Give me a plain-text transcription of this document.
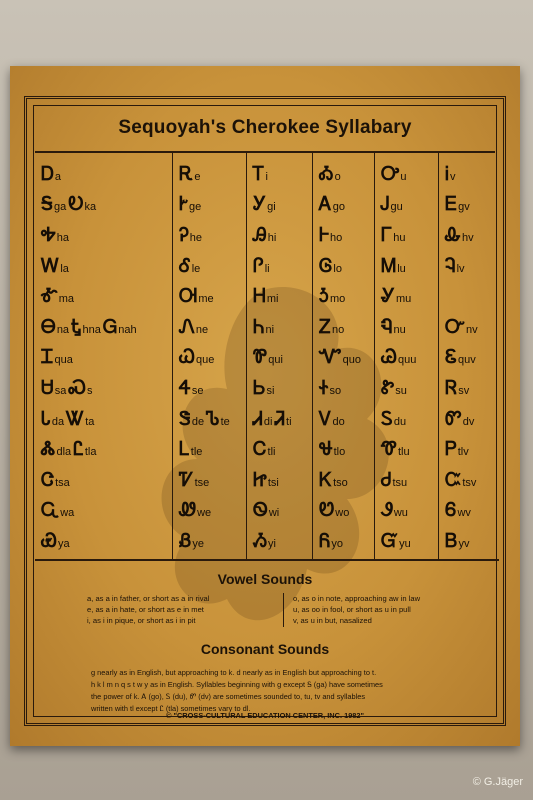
Sequoyah's Cherokee Syllabary
Ꭰ a
Ꭶ ga Ꭷ ka
Ꭽ ha
Ꮃ la
Ꮉ ma
Ꮎ na Ꮏ hna Ꮐ nah
Ꮖ qua
Ꮜ sa Ꮝ s
Ꮣ da Ꮤ ta
Ꮬ dla Ꮭ tla
Ꮳ tsa
Ꮹ wa
Ꮿ ya
Ꭱ e
Ꭸ ge
Ꭾ he
Ꮄ le
Ꮊ me
Ꮑ ne
Ꮗ que
Ꮞ se
Ꮥ de Ꮦ te
Ꮮ tle
Ꮴ tse
Ꮺ we
Ᏸ ye
Ꭲ i
Ꭹ gi
Ꭿ hi
Ꮅ li
Ꮋ mi
Ꮒ ni
Ꮘ qui
Ꮟ si
Ꮧ di Ꮨ ti
Ꮯ tli
Ꮵ tsi
Ꮻ wi
Ᏹ yi
Ꭳ o
Ꭺ go
Ꮀ ho
Ꮆ lo
Ꮌ mo
Ꮓ no
Ꮙ quo
Ꮠ so
Ꮩ do
Ꮰ tlo
Ꮶ tso
Ꮼ wo
Ᏺ yo
Ꭴ u
Ꭻ gu
Ꮁ hu
Ꮇ lu
Ꮍ mu
Ꮔ nu
Ꮚ quu
Ꮡ su
Ꮪ du
Ꮱ tlu
Ꮷ tsu
Ꮽ wu
Ᏻ yu
Ꭵ v
Ꭼ gv
Ꮂ hv
Ꮈ lv
Ꮕ nv
Ꮛ quv
Ꮢ sv
Ꮫ dv
Ꮲ tlv
Ꮸ tsv
Ꮾ wv
Ᏼ yv
Vowel Sounds
a, as a in father, or short as a in rival
e, as a in hate, or short as e in met
i, as i in pique, or short as i in pit
o, as o in note, approaching aw in law
u, as oo in fool, or short as u in pull
v, as u in but, nasalized
Consonant Sounds
g nearly as in English, but approaching to k. d nearly as in English but approaching to t.
h k l m n q s t w y as in English. Syllables beginning with g except Ꭶ (ga) have sometimes
the power of k. Ꭺ (go), Ꮪ (du), Ꮫ (dv) are sometimes sounded to, tu, tv and syllables
written with tl except Ꮭ (tla) sometimes vary to dl.
© "CROSS-CULTURAL EDUCATION CENTER, INC. 1982"
© G.Jäger
